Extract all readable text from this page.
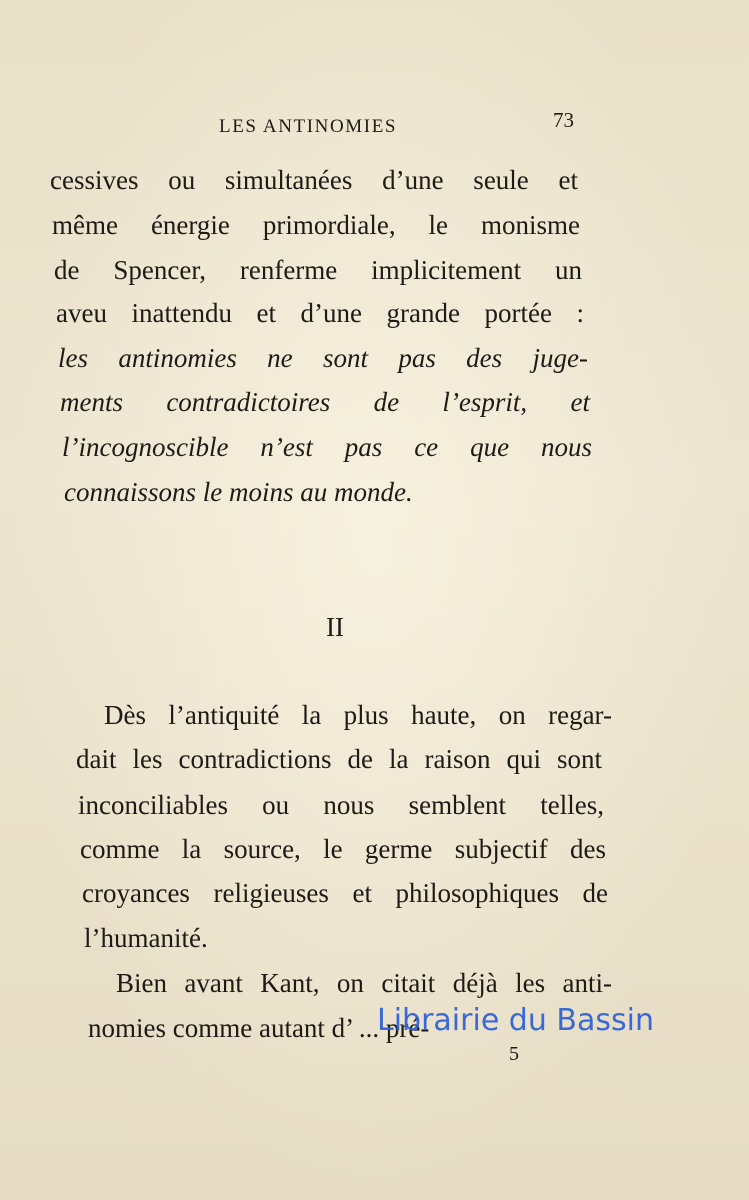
LES ANTINOMIES	73
cessives ou simultanées d’une seule et
même énergie primordiale, le monisme
de Spencer, renferme implicitement un
aveu inattendu et d’une grande portée :
les antinomies ne sont pas des juge-
ments contradictoires de l’esprit, et
l’incognoscible n’est pas ce que nous
connaissons le moins au monde.
II
Dès l’antiquité la plus haute, on regar-
dait les contradictions de la raison qui sont
inconciliables ou nous semblent telles,
comme la source, le germe subjectif des
croyances religieuses et philosophiques de
l’humanité.
Bien avant Kant, on citait déjà les anti-
nomies comme autant d’ ... pré-
5
Librairie du Bassin
